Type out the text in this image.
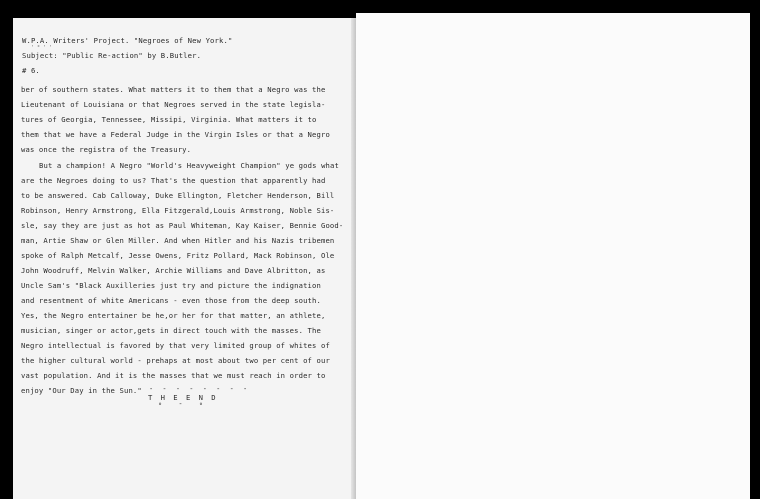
W.P.A. Writers' Project. "Negroes of New York."
' ° ' '
Subject: "Public Re-action" by B.Butler.
# 6.
ber of southern states. What matters it to them that a Negro was the
Lieutenant of Louisiana or that Negroes served in the state legisla-
tures of Georgia, Tennessee, Missipi, Virginia. What matters it to
them that we have a Federal Judge in the Virgin Isles or that a Negro
was once the registra of the Treasury.
But a champion! A Negro "World's Heavyweight Champion" ye gods what
are the Negroes doing to us? That's the question that apparently had
to be answered. Cab Calloway, Duke Ellington, Fletcher Henderson, Bill
Robinson, Henry Armstrong, Ella Fitzgerald,Louis Armstrong, Noble Sis-
sle, say they are just as hot as Paul Whiteman, Kay Kaiser, Bennie Good-
man, Artie Shaw or Glen Miller. And when Hitler and his Nazis tribemen
spoke of Ralph Metcalf, Jesse Owens, Fritz Pollard, Mack Robinson, Ole
John Woodruff, Melvin Walker, Archie Williams and Dave Albritton, as
Uncle Sam's "Black Auxilleries just try and picture the indignation
and resentment of white Americans - even those from the deep south.
Yes, the Negro entertainer be he,or her for that matter, an athlete,
musician, singer or actor,gets in direct touch with the masses. The
Negro intellectual is favored by that very limited group of whites of
the higher cultural world - prehaps at most about two per cent of our
vast population. And it is the masses that we must reach in order to
enjoy "Our Day in the Sun." - - - - - - - -
T H E E N D
∘ - ∘
